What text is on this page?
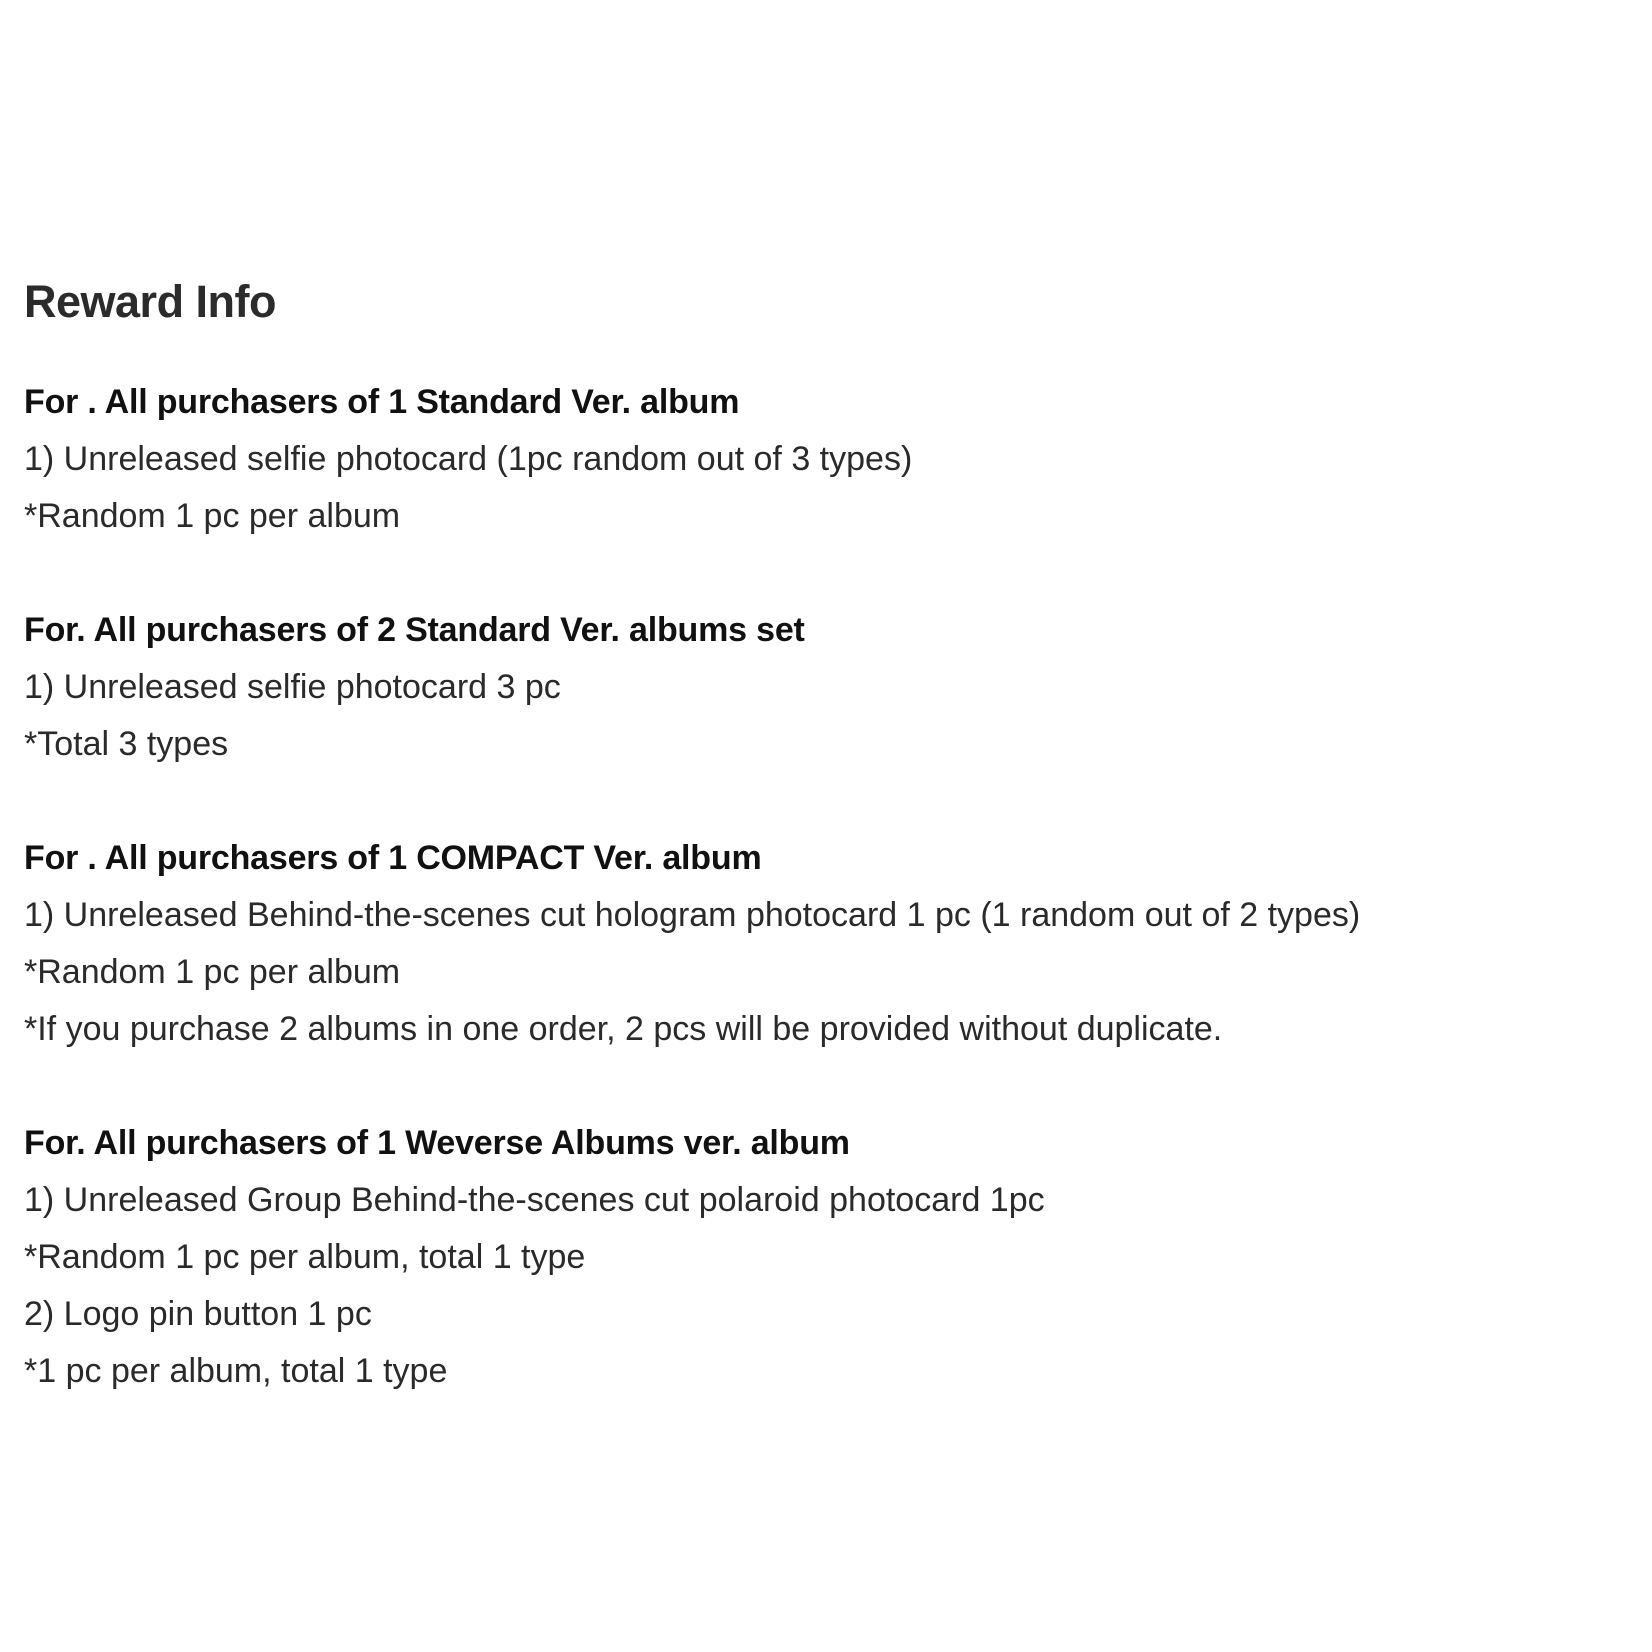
Reward Info

For . All purchasers of 1 Standard Ver. album

1) Unreleased selfie photocard (1pc random out of 3 types)

*Random 1 pc per album

For. All purchasers of 2 Standard Ver. albums set

1) Unreleased selfie photocard 3 pc

*Total 3 types

For . All purchasers of 1 COMPACT Ver. album

1) Unreleased Behind-the-scenes cut hologram photocard 1 pc (1 random out of 2 types)

*Random 1 pc per album

*If you purchase 2 albums in one order, 2 pcs will be provided without duplicate.

For. All purchasers of 1 Weverse Albums ver. album

1) Unreleased Group Behind-the-scenes cut polaroid photocard 1pc

*Random 1 pc per album, total 1 type

2) Logo pin button 1 pc

*1 pc per album, total 1 type
